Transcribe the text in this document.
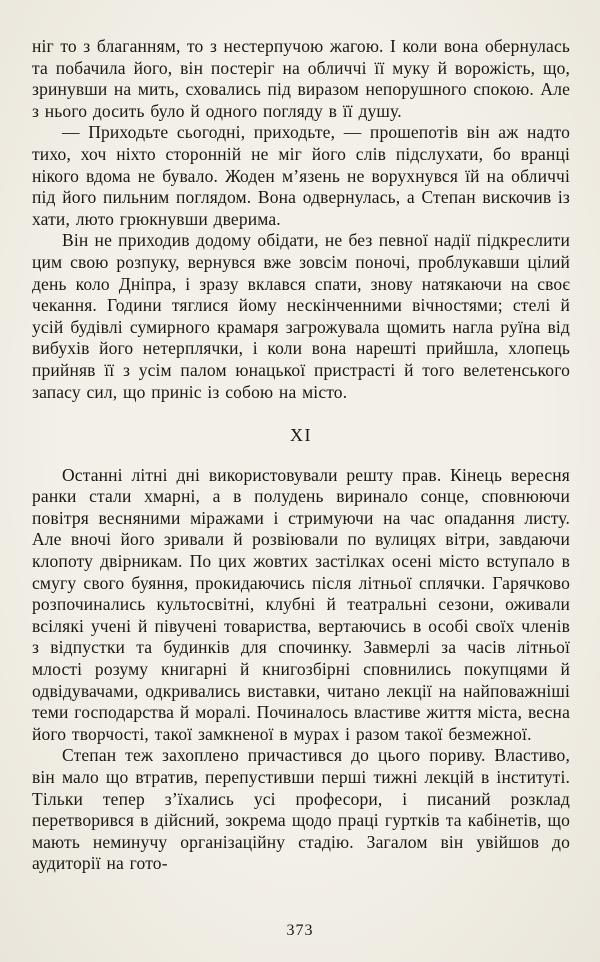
ніг то з благанням, то з нестерпучою жагою. І коли вона обернулась та побачила його, він постеріг на обличчі її муку й ворожість, що, зринувши на мить, сховались під виразом непорушного спокою. Але з нього досить було й одного погляду в її душу.

— Приходьте сьогодні, приходьте, — прошепотів він аж надто тихо, хоч ніхто сторонній не міг його слів підслухати, бо вранці нікого вдома не бувало. Жоден м’язень не ворухнувся їй на обличчі під його пильним поглядом. Вона одвернулась, а Степан вискочив із хати, люто грюкнувши дверима.

Він не приходив додому обідати, не без певної надії підкреслити цим свою розпуку, вернувся вже зовсім поночі, проблукавши цілий день коло Дніпра, і зразу вклався спати, знову натякаючи на своє чекання. Години тяглися йому нескінченними вічностями; стелі й усій будівлі сумирного крамаря загрожувала щомить нагла руїна від вибухів його нетерплячки, і коли вона нарешті прийшла, хлопець прийняв її з усім палом юнацької пристрасті й того велетенського запасу сил, що приніс із собою на місто.

XI

Останні літні дні використовували решту прав. Кінець вересня ранки стали хмарні, а в полудень виринало сонце, сповнюючи повітря весняними міражами і стримуючи на час опадання листу. Але вночі його зривали й розвіювали по вулицях вітри, завдаючи клопоту двірникам. По цих жовтих застілках осені місто вступало в смугу свого буяння, прокидаючись після літньої сплячки. Гарячково розпочинались культосвітні, клубні й театральні сезони, оживали всілякі учені й півучені товариства, вертаючись в особі своїх членів з відпустки та будинків для спочинку. Завмерлі за часів літньої млості розуму книгарні й книгозбірні сповнились покупцями й одвідувачами, одкривались виставки, читано лекції на найповажніші теми господарства й моралі. Починалось властиве життя міста, весна його творчості, такої замкненої в мурах і разом такої безмежної.

Степан теж захоплено причастився до цього пориву. Властиво, він мало що втратив, перепустивши перші тижні лекцій в інституті. Тільки тепер з’їхались усі професори, і писаний розклад перетворився в дійсний, зокрема щодо праці гуртків та кабінетів, що мають неминучу організаційну стадію. Загалом він увійшов до аудиторії на гото-

373
